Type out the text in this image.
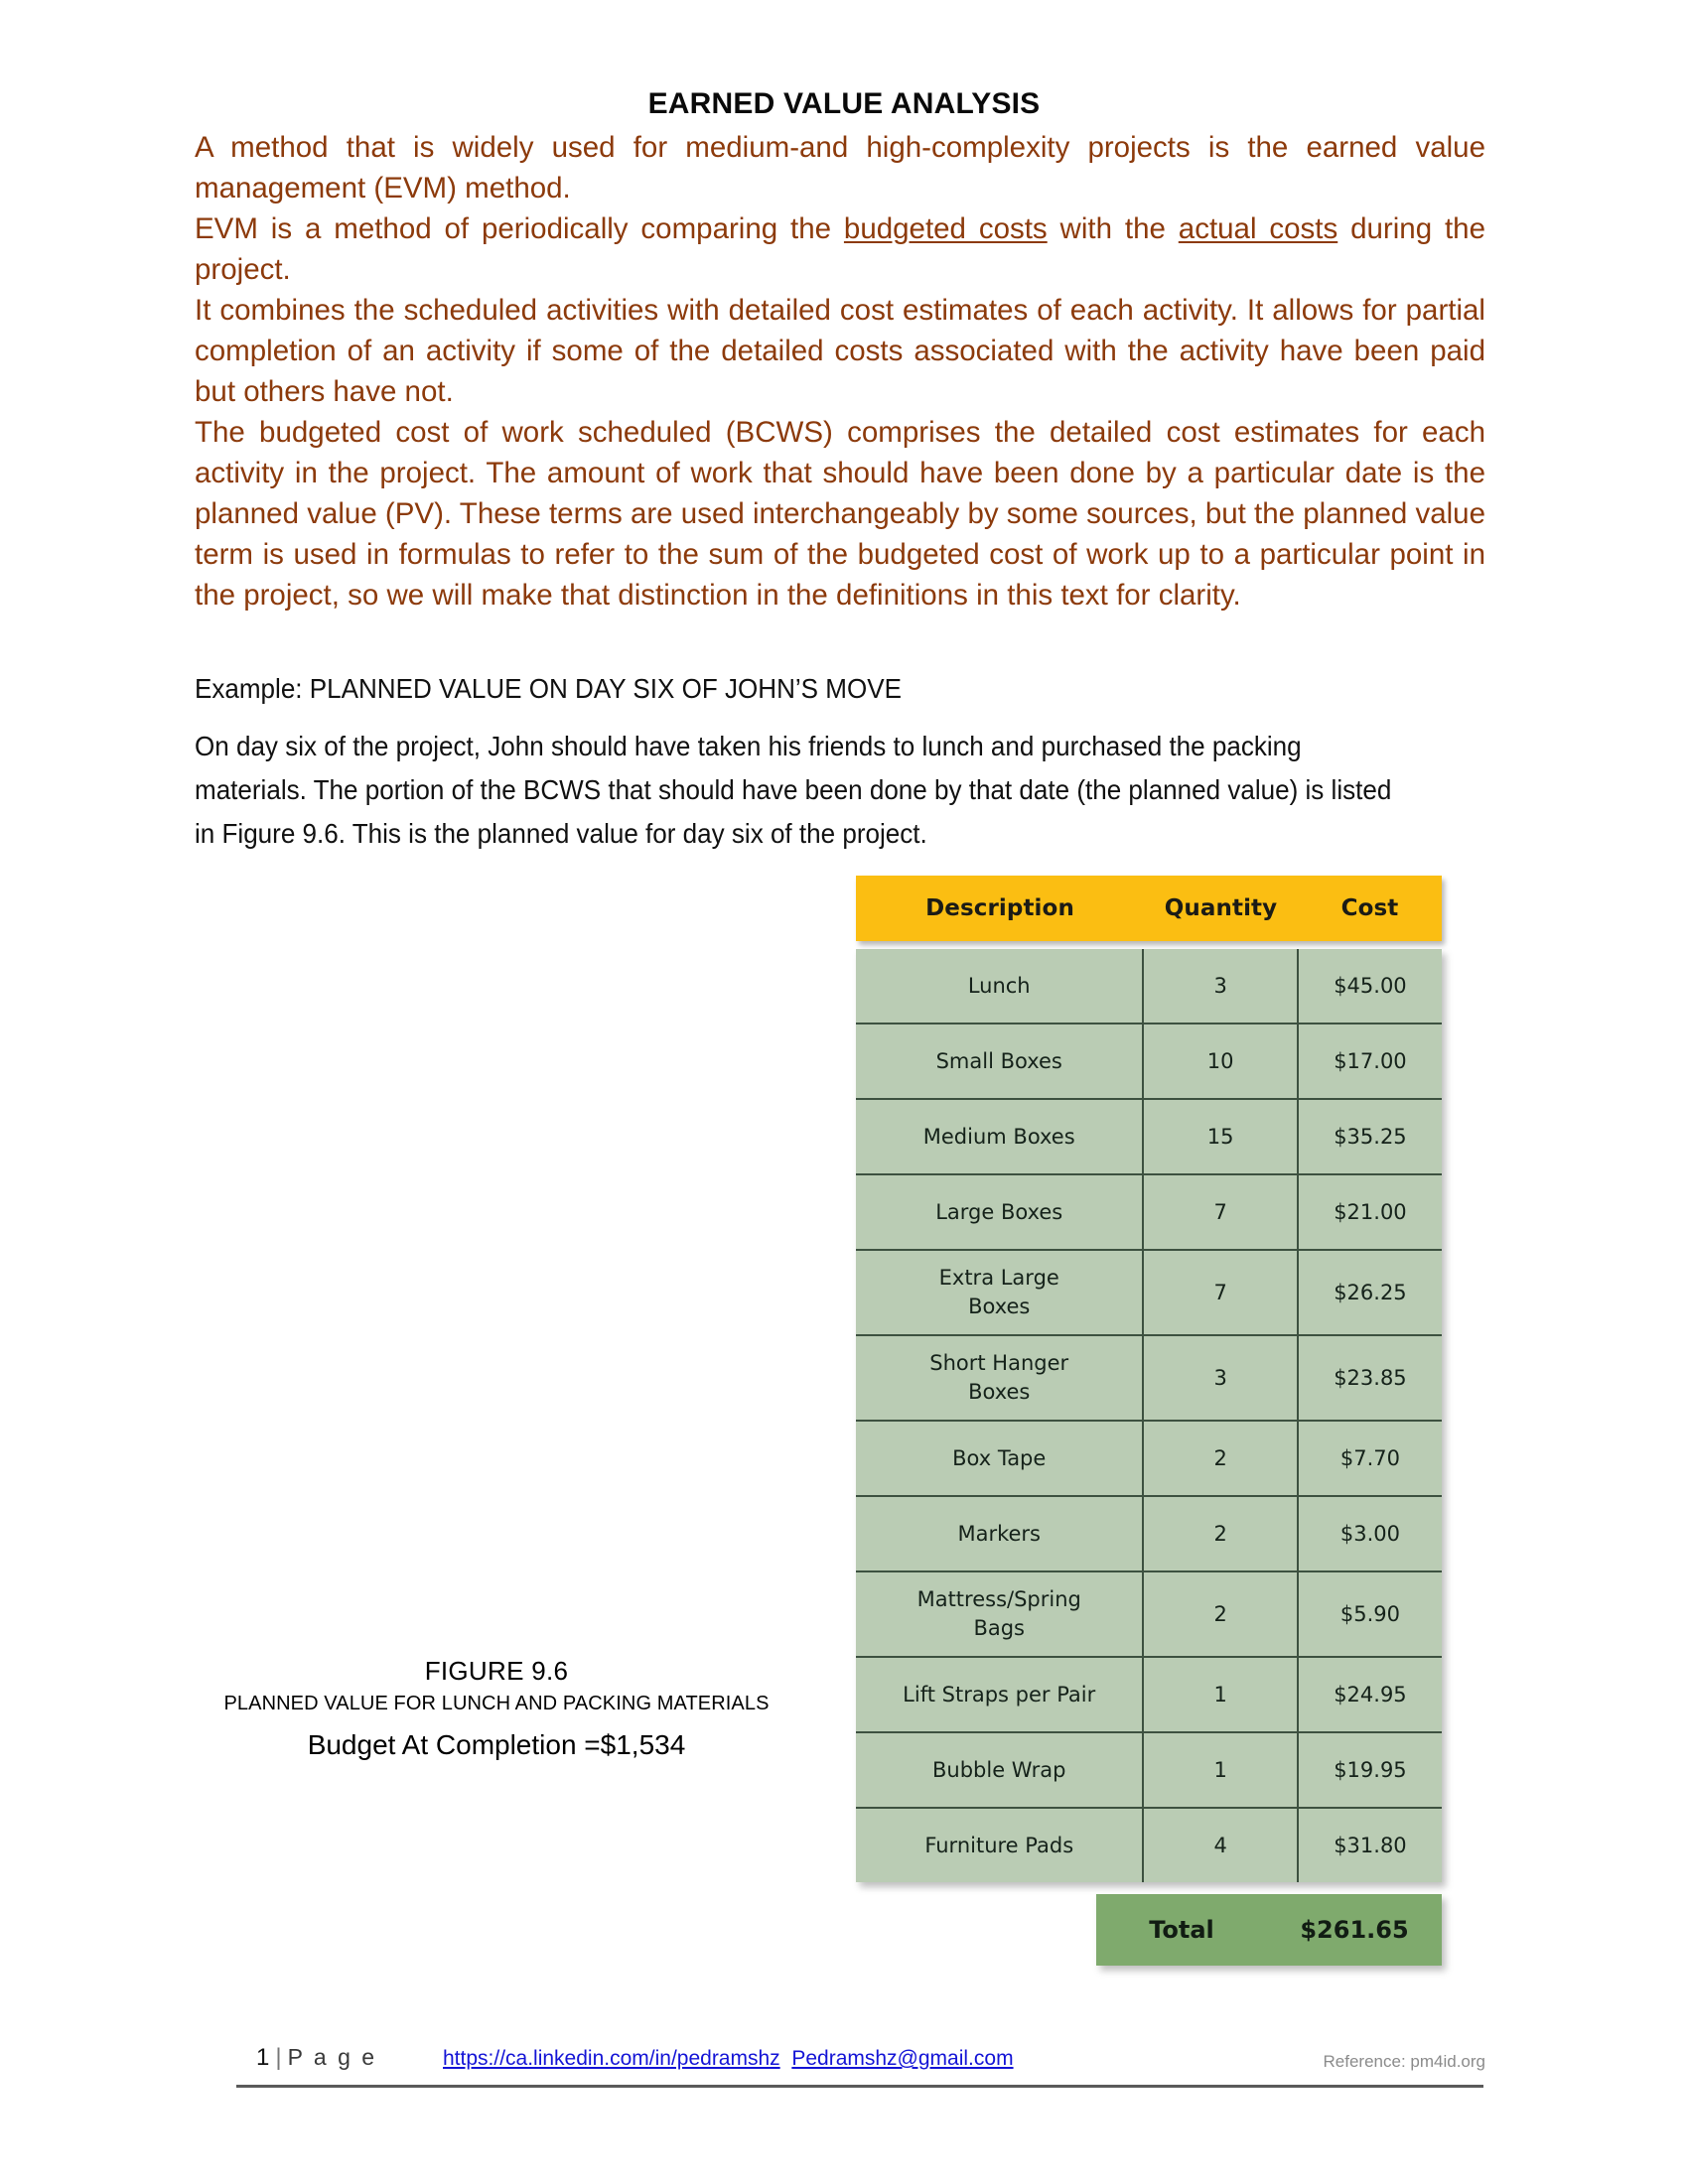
EARNED VALUE ANALYSIS

A method that is widely used for medium-and high-complexity projects is the earned value management (EVM) method.

EVM is a method of periodically comparing the budgeted costs with the actual costs during the project.

It combines the scheduled activities with detailed cost estimates of each activity. It allows for partial completion of an activity if some of the detailed costs associated with the activity have been paid but others have not.

The budgeted cost of work scheduled (BCWS) comprises the detailed cost estimates for each activity in the project. The amount of work that should have been done by a particular date is the planned value (PV). These terms are used interchangeably by some sources, but the planned value term is used in formulas to refer to the sum of the budgeted cost of work up to a particular point in the project, so we will make that distinction in the definitions in this text for clarity.

Example: PLANNED VALUE ON DAY SIX OF JOHN’S MOVE

On day six of the project, John should have taken his friends to lunch and purchased the packing materials. The portion of the BCWS that should have been done by that date (the planned value) is listed in Figure 9.6. This is the planned value for day six of the project.

FIGURE 9.6
PLANNED VALUE FOR LUNCH AND PACKING MATERIALS
Budget At Completion =$1,534
Description	Quantity	Cost
Lunch	3	$45.00
Small Boxes	10	$17.00
Medium Boxes	15	$35.25
Large Boxes	7	$21.00
Extra Large
Boxes	7	$26.25
Short Hanger
Boxes	3	$23.85
Box Tape	2	$7.70
Markers	2	$3.00
Mattress/Spring
Bags	2	$5.90
Lift Straps per Pair	1	$24.95
Bubble Wrap	1	$19.95
Furniture Pads	4	$31.80
Total	$261.65
1 | P a g e	https://ca.linkedin.com/in/pedramshz Pedramshz@gmail.com	Reference: pm4id.org
